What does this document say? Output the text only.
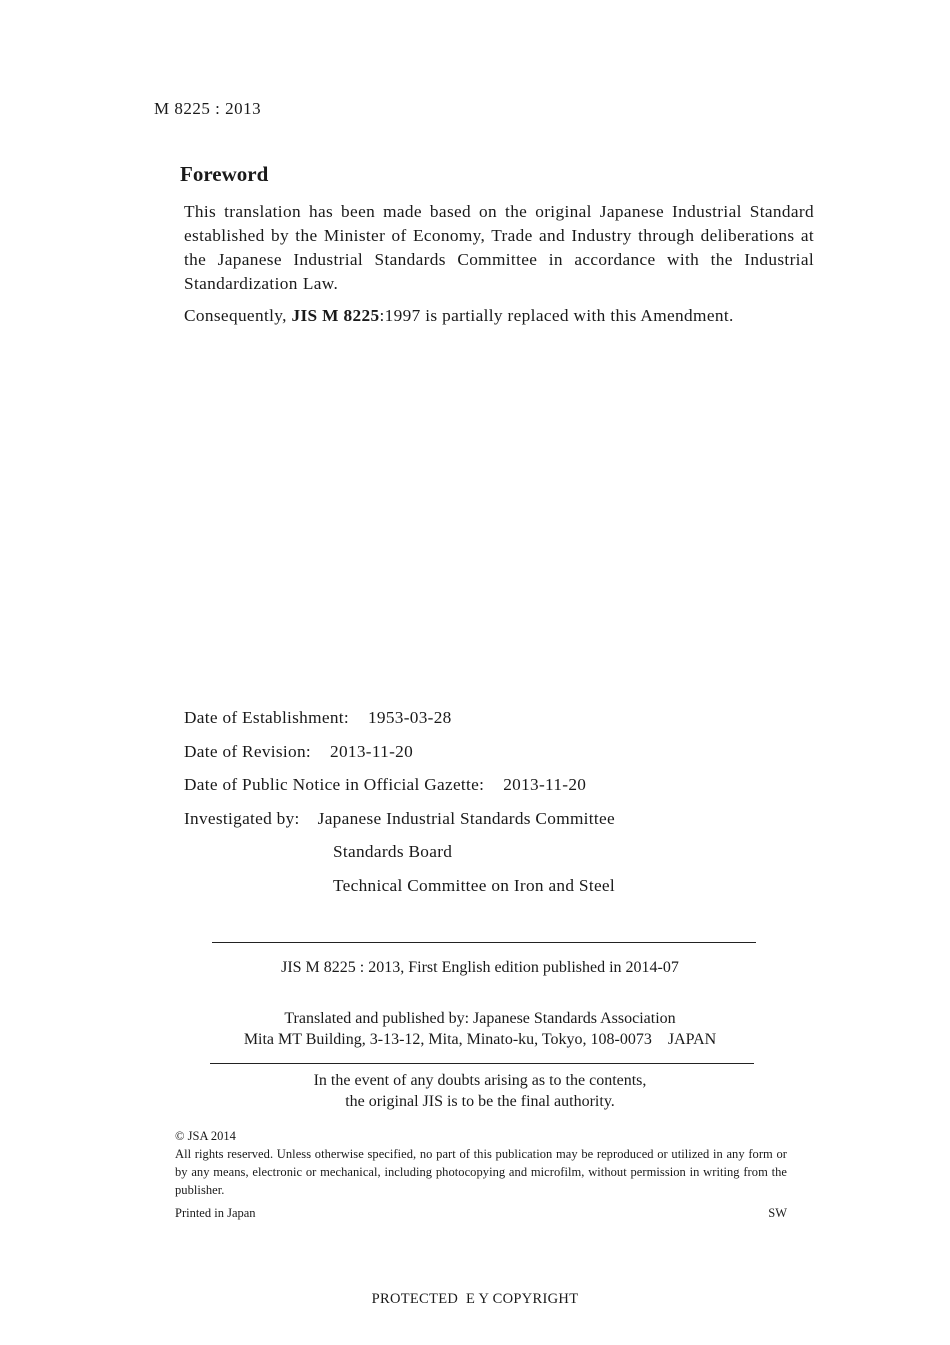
M 8225 : 2013
Foreword

This translation has been made based on the original Japanese Industrial Standard established by the Minister of Economy, Trade and Industry through deliberations at the Japanese Industrial Standards Committee in accordance with the Industrial Standardization Law.

Consequently, JIS M 8225:1997 is partially replaced with this Amendment.

Date of Establishment: 1953-03-28
Date of Revision: 2013-11-20
Date of Public Notice in Official Gazette: 2013-11-20
Investigated by: Japanese Industrial Standards Committee
Standards Board
Technical Committee on Iron and Steel
JIS M 8225 : 2013, First English edition published in 2014-07
Translated and published by: Japanese Standards Association
Mita MT Building, 3-13-12, Mita, Minato-ku, Tokyo, 108-0073    JAPAN
In the event of any doubts arising as to the contents,
the original JIS is to be the final authority.
© JSA 2014
All rights reserved. Unless otherwise specified, no part of this publication may be reproduced or utilized in any form or by any means, electronic or mechanical, including photocopying and microfilm, without permission in writing from the publisher.
Printed in Japan	SW
PROTECTED  E Y COPYRIGHT
